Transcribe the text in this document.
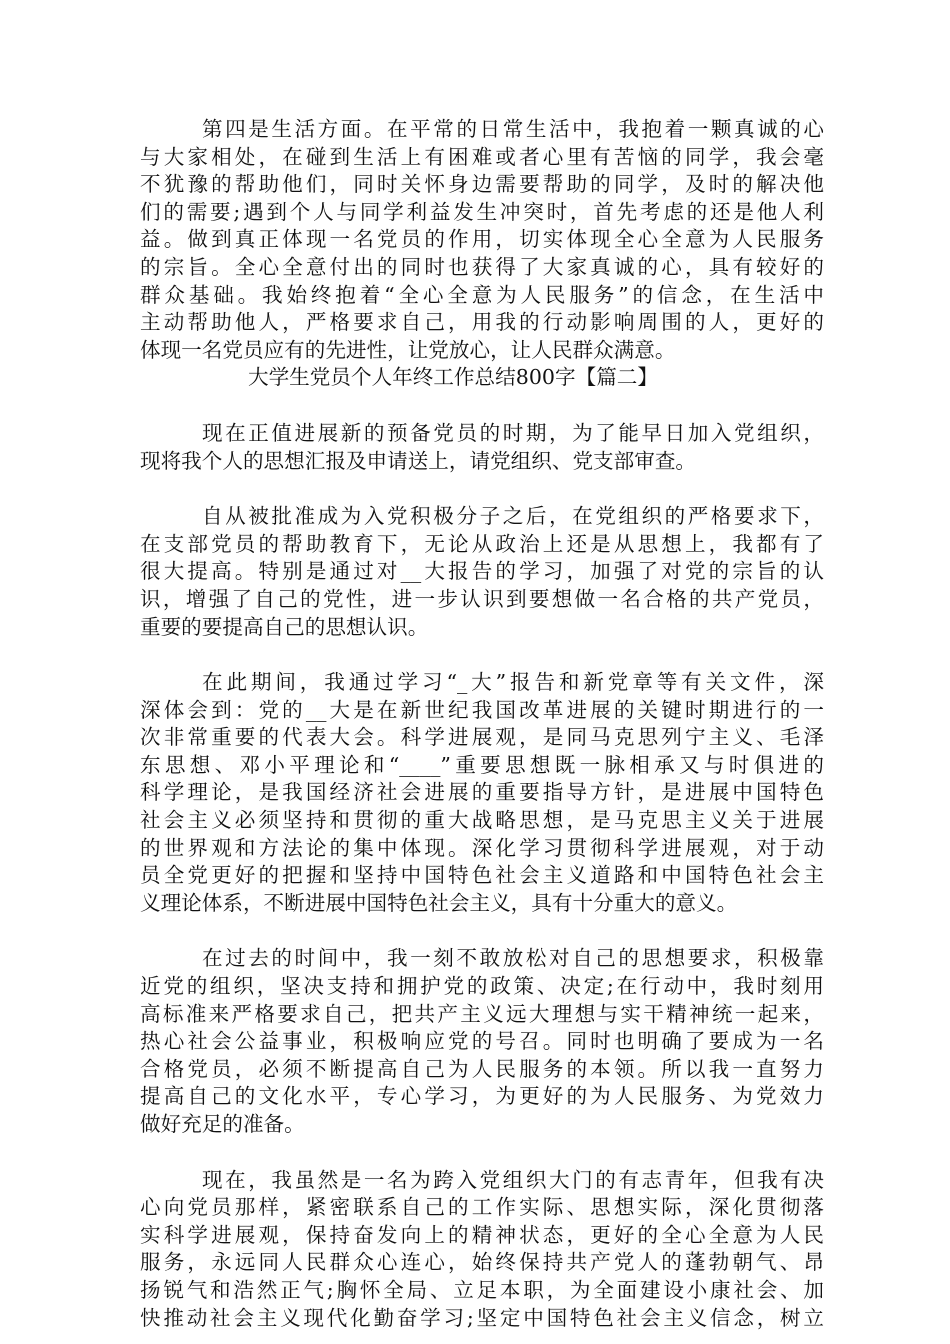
第四是生活方面。在平常的日常生活中，我抱着一颗真诚的心
与大家相处，在碰到生活上有困难或者心里有苦恼的同学，我会毫
不犹豫的帮助他们，同时关怀身边需要帮助的同学，及时的解决他
们的需要;遇到个人与同学利益发生冲突时，首先考虑的还是他人利
益。做到真正体现一名党员的作用，切实体现全心全意为人民服务
的宗旨。全心全意付出的同时也获得了大家真诚的心，具有较好的
群众基础。我始终抱着“全心全意为人民服务”的信念，在生活中
主动帮助他人，严格要求自己，用我的行动影响周围的人，更好的
体现一名党员应有的先进性，让党放心，让人民群众满意。
大学生党员个人年终工作总结800字【篇二】
现在正值进展新的预备党员的时期，为了能早日加入党组织，
现将我个人的思想汇报及申请送上，请党组织、党支部审查。
自从被批准成为入党积极分子之后，在党组织的严格要求下，
在支部党员的帮助教育下，无论从政治上还是从思想上，我都有了
很大提高。特别是通过对__大报告的学习，加强了对党的宗旨的认
识，增强了自己的党性，进一步认识到要想做一名合格的共产党员，
重要的要提高自己的思想认识。
在此期间，我通过学习“_大”报告和新党章等有关文件，深
深体会到：党的__大是在新世纪我国改革进展的关键时期进行的一
次非常重要的代表大会。科学进展观，是同马克思列宁主义、毛泽
东思想、邓小平理论和“____”重要思想既一脉相承又与时俱进的
科学理论，是我国经济社会进展的重要指导方针，是进展中国特色
社会主义必须坚持和贯彻的重大战略思想，是马克思主义关于进展
的世界观和方法论的集中体现。深化学习贯彻科学进展观，对于动
员全党更好的把握和坚持中国特色社会主义道路和中国特色社会主
义理论体系，不断进展中国特色社会主义，具有十分重大的意义。
在过去的时间中，我一刻不敢放松对自己的思想要求，积极靠
近党的组织，坚决支持和拥护党的政策、决定;在行动中，我时刻用
高标准来严格要求自己，把共产主义远大理想与实干精神统一起来，
热心社会公益事业，积极响应党的号召。同时也明确了要成为一名
合格党员，必须不断提高自己为人民服务的本领。所以我一直努力
提高自己的文化水平，专心学习，为更好的为人民服务、为党效力
做好充足的准备。
现在，我虽然是一名为跨入党组织大门的有志青年，但我有决
心向党员那样，紧密联系自己的工作实际、思想实际，深化贯彻落
实科学进展观，保持奋发向上的精神状态，更好的全心全意为人民
服务，永远同人民群众心连心，始终保持共产党人的蓬勃朝气、昂
扬锐气和浩然正气;胸怀全局、立足本职，为全面建设小康社会、加
快推动社会主义现代化勤奋学习;坚定中国特色社会主义信念，树立
